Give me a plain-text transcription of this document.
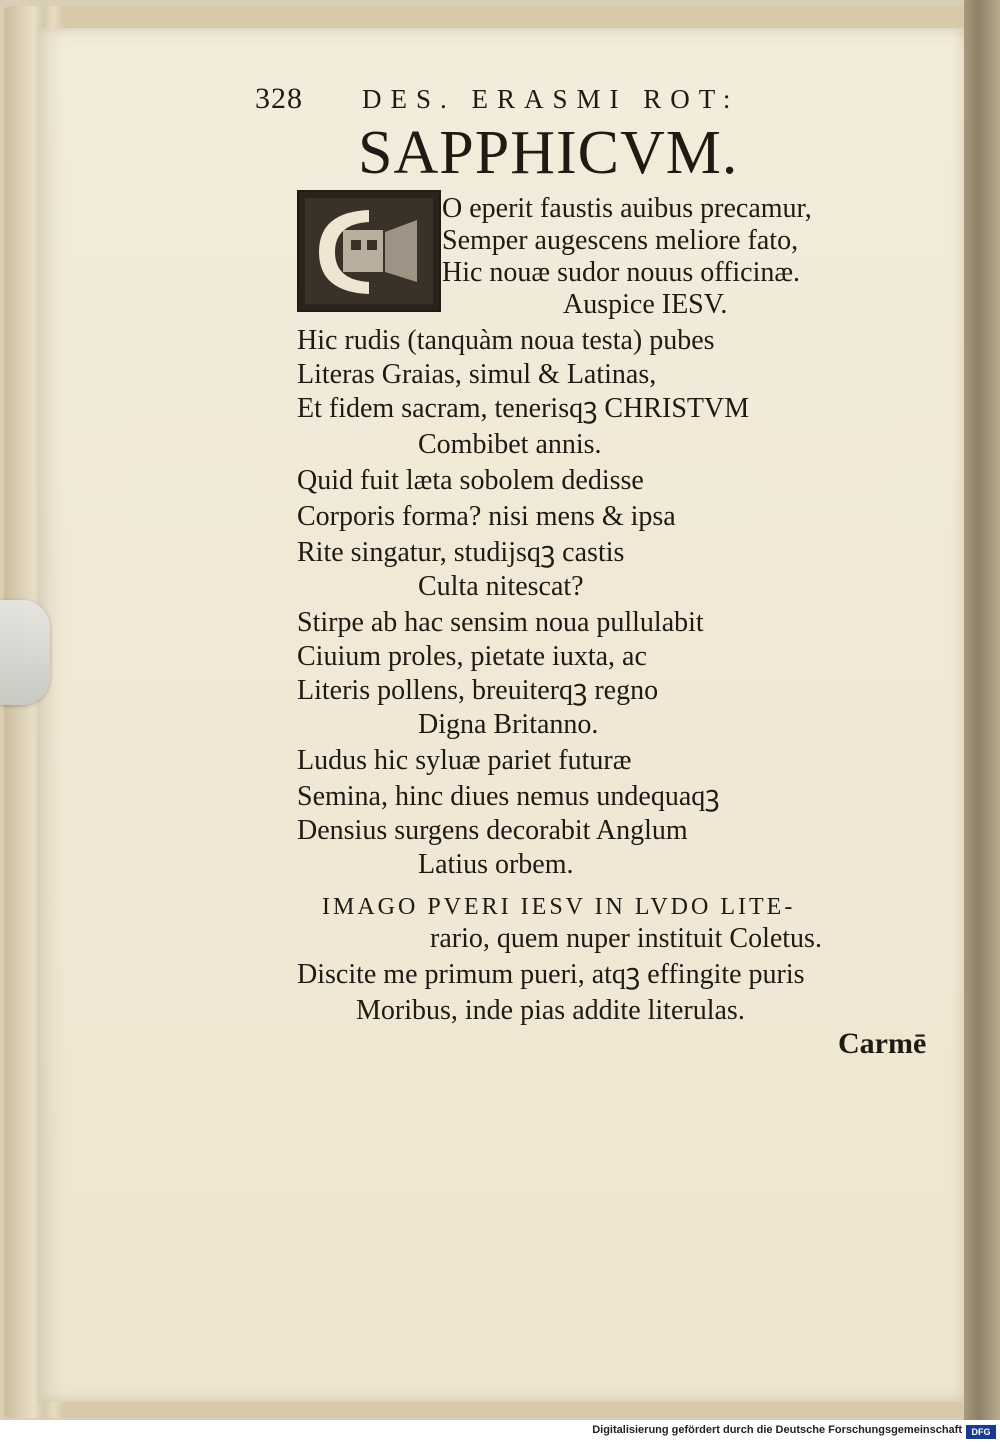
328 DES. ERASMI ROT:
SAPPHICVM.
O eperit faustis auibus precamur,
Semper augescens meliore fato,
Hic nouæ sudor nouus officinæ.
Auspice IESV.
Hic rudis (tanquàm noua testa) pubes
Literas Graias, simul & Latinas,
Et fidem sacram, tenerisqꝫ CHRISTVM
Combibet annis.
Quid fuit læta sobolem dedisse
Corporis forma? nisi mens & ipsa
Rite singatur, studijsqꝫ castis
Culta nitescat?
Stirpe ab hac sensim noua pullulabit
Ciuium proles, pietate iuxta, ac
Literis pollens, breuiterqꝫ regno
Digna Britanno.
Ludus hic syluæ pariet futuræ
Semina, hinc diues nemus undequaqꝫ
Densius surgens decorabit Anglum
Latius orbem.
IMAGO PVERI IESV IN LVDO LITE-
rario, quem nuper instituit Coletus.
Discite me primum pueri, atqꝫ effingite puris
Moribus, inde pias addite literulas.
Carmē
Digitalisierung gefördert durch die Deutsche Forschungsgemeinschaft	DFG
